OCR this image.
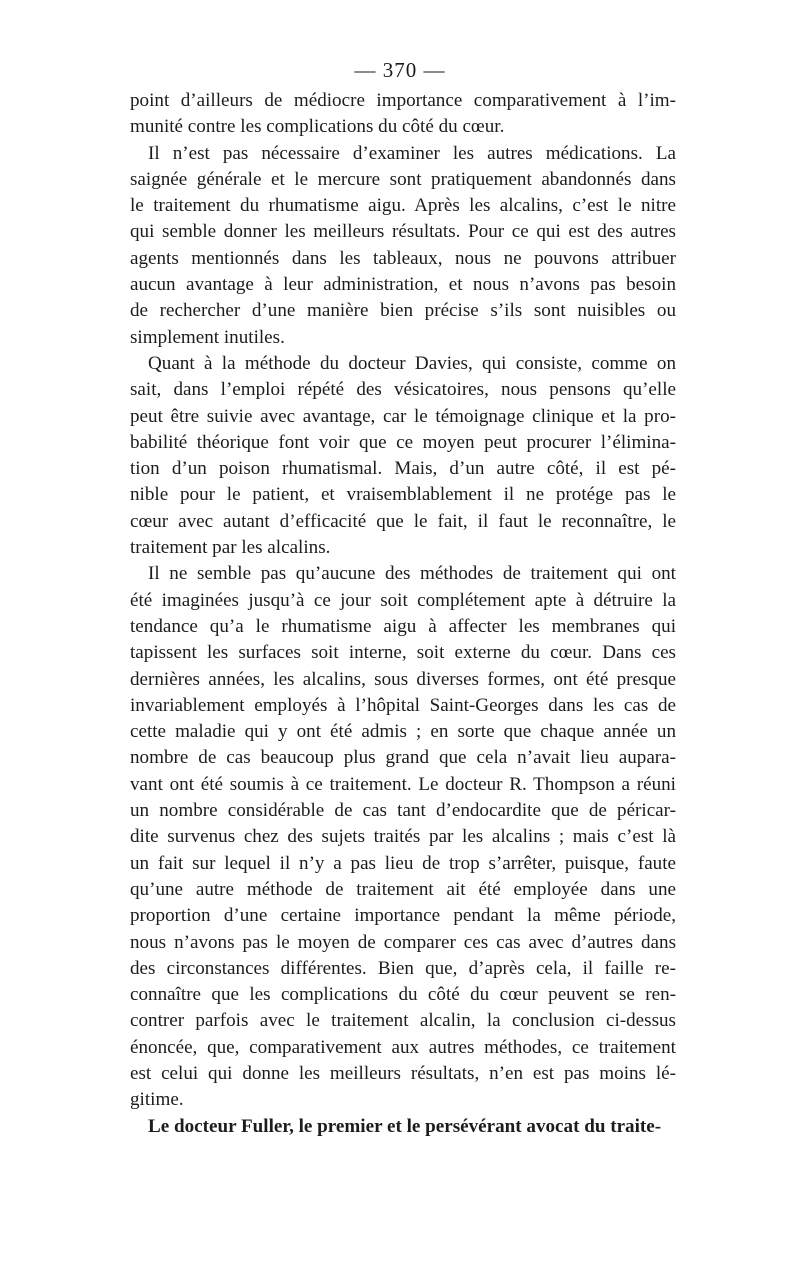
— 370 —
point d’ailleurs de médiocre importance comparativement à l’im-
munité contre les complications du côté du cœur.
Il n’est pas nécessaire d’examiner les autres médications. La
saignée générale et le mercure sont pratiquement abandonnés dans
le traitement du rhumatisme aigu. Après les alcalins, c’est le nitre
qui semble donner les meilleurs résultats. Pour ce qui est des autres
agents mentionnés dans les tableaux, nous ne pouvons attribuer
aucun avantage à leur administration, et nous n’avons pas besoin
de rechercher d’une manière bien précise s’ils sont nuisibles ou
simplement inutiles.
Quant à la méthode du docteur Davies, qui consiste, comme on
sait, dans l’emploi répété des vésicatoires, nous pensons qu’elle
peut être suivie avec avantage, car le témoignage clinique et la pro-
babilité théorique font voir que ce moyen peut procurer l’élimina-
tion d’un poison rhumatismal. Mais, d’un autre côté, il est pé-
nible pour le patient, et vraisemblablement il ne protége pas le
cœur avec autant d’efficacité que le fait, il faut le reconnaître, le
traitement par les alcalins.
Il ne semble pas qu’aucune des méthodes de traitement qui ont
été imaginées jusqu’à ce jour soit complétement apte à détruire la
tendance qu’a le rhumatisme aigu à affecter les membranes qui
tapissent les surfaces soit interne, soit externe du cœur. Dans ces
dernières années, les alcalins, sous diverses formes, ont été presque
invariablement employés à l’hôpital Saint-Georges dans les cas de
cette maladie qui y ont été admis ; en sorte que chaque année un
nombre de cas beaucoup plus grand que cela n’avait lieu aupara-
vant ont été soumis à ce traitement. Le docteur R. Thompson a réuni
un nombre considérable de cas tant d’endocardite que de péricar-
dite survenus chez des sujets traités par les alcalins ; mais c’est là
un fait sur lequel il n’y a pas lieu de trop s’arrêter, puisque, faute
qu’une autre méthode de traitement ait été employée dans une
proportion d’une certaine importance pendant la même période,
nous n’avons pas le moyen de comparer ces cas avec d’autres dans
des circonstances différentes. Bien que, d’après cela, il faille re-
connaître que les complications du côté du cœur peuvent se ren-
contrer parfois avec le traitement alcalin, la conclusion ci-dessus
énoncée, que, comparativement aux autres méthodes, ce traitement
est celui qui donne les meilleurs résultats, n’en est pas moins lé-
gitime.
Le docteur Fuller, le premier et le persévérant avocat du traite-
